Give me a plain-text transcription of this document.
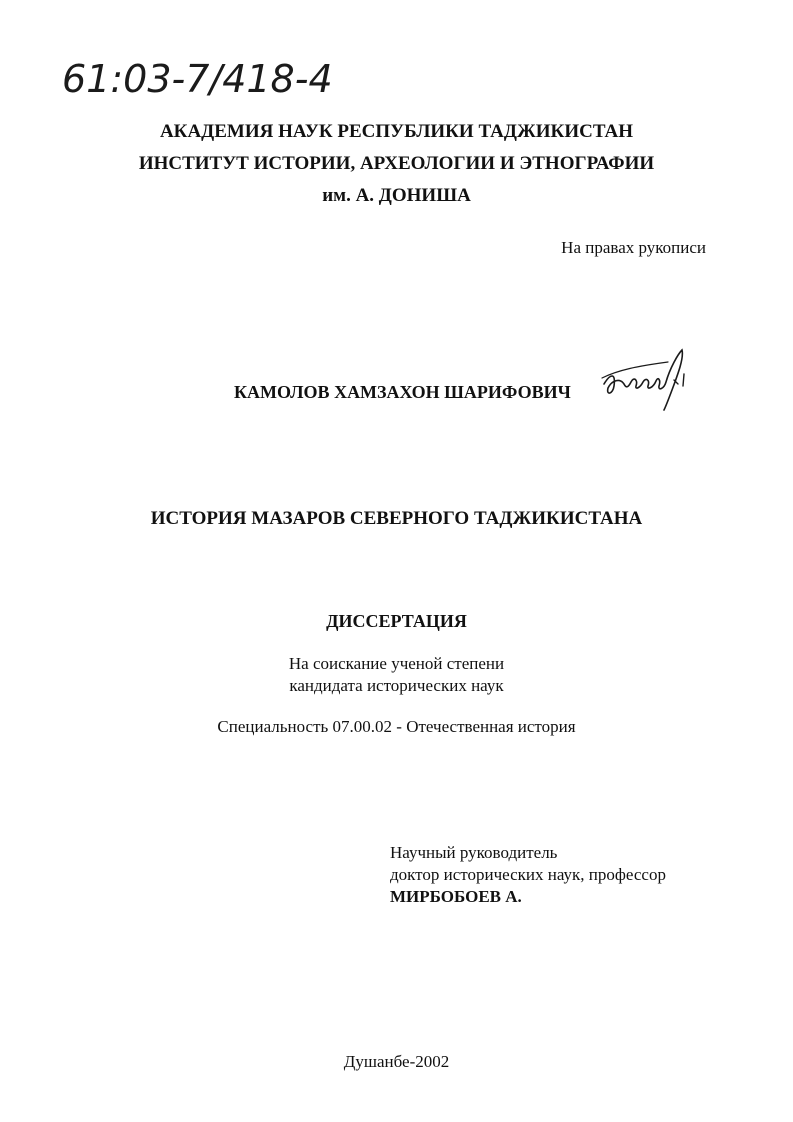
61:03-7/418-4
АКАДЕМИЯ НАУК РЕСПУБЛИКИ ТАДЖИКИСТАН
ИНСТИТУТ ИСТОРИИ, АРХЕОЛОГИИ И ЭТНОГРАФИИ
им. А. ДОНИША
На правах рукописи
КАМОЛОВ ХАМЗАХОН ШАРИФОВИЧ
ИСТОРИЯ МАЗАРОВ СЕВЕРНОГО ТАДЖИКИСТАНА
ДИССЕРТАЦИЯ
На соискание ученой степени
кандидата исторических наук
Специальность 07.00.02 - Отечественная история
Научный руководитель
доктор исторических наук, профессор
МИРБОБОЕВ А.
Душанбе-2002
